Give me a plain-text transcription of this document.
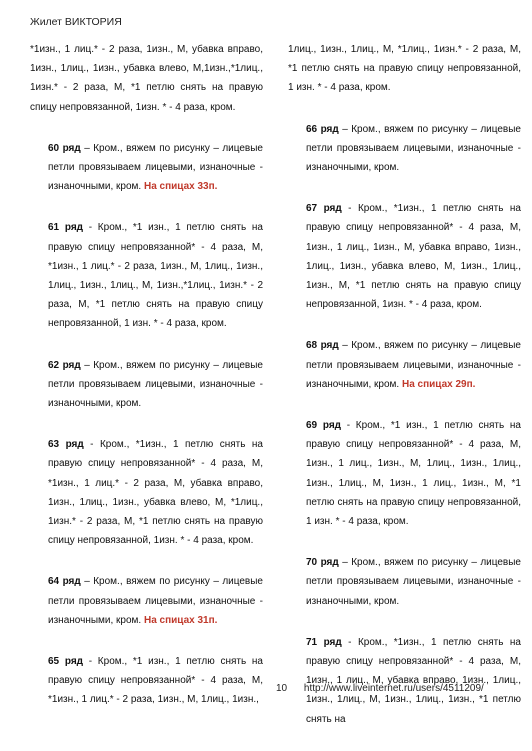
Жилет ВИКТОРИЯ
*1изн., 1 лиц.* - 2 раза, 1изн., М, убавка вправо, 1изн., 1лиц., 1изн., убавка влево, М,1изн.,*1лиц., 1изн.* - 2 раза, М, *1 петлю снять на правую спицу непровязанной, 1изн. * - 4 раза, кром.
60 ряд – Кром., вяжем по рисунку – лицевые петли провязываем лицевыми, изнаночные - изнаночными, кром. На спицах 33п.
61 ряд - Кром., *1 изн., 1 петлю снять на правую спицу непровязанной* - 4 раза, М, *1изн., 1 лиц.* - 2 раза, 1изн., М, 1лиц., 1изн., 1лиц., 1изн., 1лиц., М, 1изн.,*1лиц., 1изн.* - 2 раза, М, *1 петлю снять на правую спицу непровязанной, 1 изн. * - 4 раза, кром.
62 ряд – Кром., вяжем по рисунку – лицевые петли провязываем лицевыми, изнаночные - изнаночными, кром.
63 ряд - Кром., *1изн., 1 петлю снять на правую спицу непровязанной* - 4 раза, М, *1изн., 1 лиц.* - 2 раза, М, убавка вправо, 1изн., 1лиц., 1изн., убавка влево, М, *1лиц., 1изн.* - 2 раза, М, *1 петлю снять на правую спицу непровязанной, 1изн. * - 4 раза, кром.
64 ряд – Кром., вяжем по рисунку – лицевые петли провязываем лицевыми, изнаночные - изнаночными, кром. На спицах 31п.
65 ряд - Кром., *1 изн., 1 петлю снять на правую спицу непровязанной* - 4 раза, М, *1изн., 1 лиц.* - 2 раза, 1изн., М, 1лиц., 1изн.,
1лиц., 1изн., 1лиц., М, *1лиц., 1изн.* - 2 раза, М, *1 петлю снять на правую спицу непровязанной, 1 изн. * - 4 раза, кром.
66 ряд – Кром., вяжем по рисунку – лицевые петли провязываем лицевыми, изнаночные - изнаночными, кром.
67 ряд - Кром., *1изн., 1 петлю снять на правую спицу непровязанной* - 4 раза, М, 1изн., 1 лиц., 1изн., М, убавка вправо, 1изн., 1лиц., 1изн., убавка влево, М, 1изн., 1лиц., 1изн., М, *1 петлю снять на правую спицу непровязанной, 1изн. * - 4 раза, кром.
68 ряд – Кром., вяжем по рисунку – лицевые петли провязываем лицевыми, изнаночные - изнаночными, кром. На спицах 29п.
69 ряд - Кром., *1 изн., 1 петлю снять на правую спицу непровязанной* - 4 раза, М, 1изн., 1 лиц., 1изн., М, 1лиц., 1изн., 1лиц., 1изн., 1лиц., М, 1изн., 1 лиц., 1изн., М, *1 петлю снять на правую спицу непровязанной, 1 изн. * - 4 раза, кром.
70 ряд – Кром., вяжем по рисунку – лицевые петли провязываем лицевыми, изнаночные - изнаночными, кром.
71 ряд - Кром., *1изн., 1 петлю снять на правую спицу непровязанной* - 4 раза, М, 1изн., 1 лиц., М, убавка вправо, 1изн., 1лиц., 1изн., 1лиц., М, 1изн., 1лиц., 1изн., *1 петлю снять на
10 http://www.liveinternet.ru/users/4511209/
